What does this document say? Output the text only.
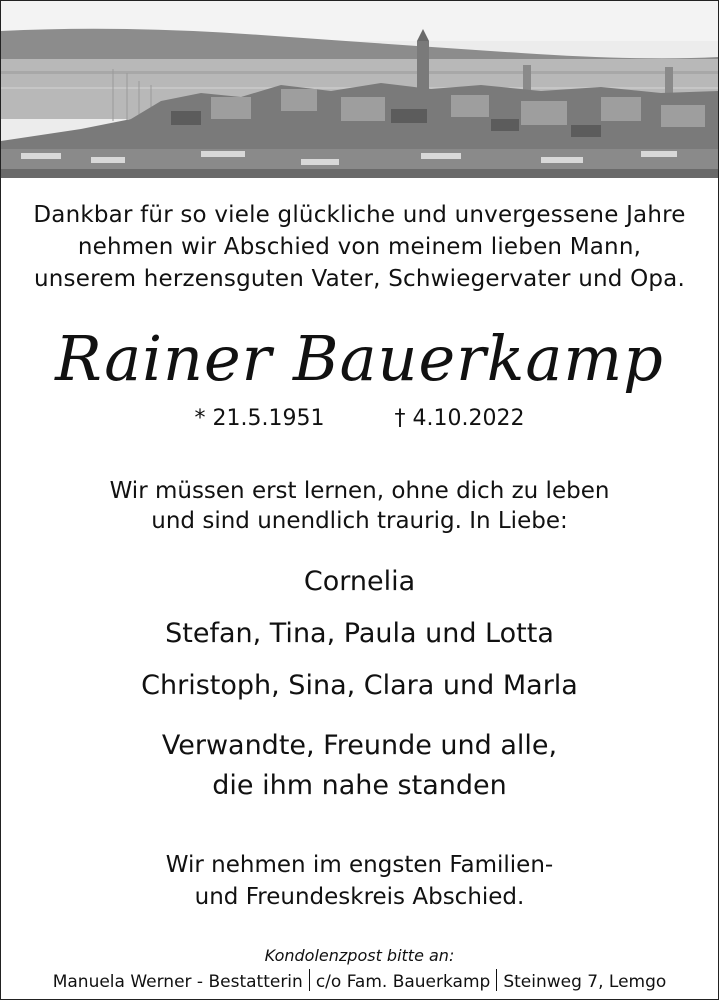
Dankbar für so viele glückliche und unvergessene Jahre
nehmen wir Abschied von meinem lieben Mann,
unserem herzensguten Vater, Schwiegervater und Opa.
Rainer Bauerkamp
* 21.5.1951	† 4.10.2022
Wir müssen erst lernen, ohne dich zu leben
und sind unendlich traurig. In Liebe:
Cornelia
Stefan, Tina, Paula und Lotta
Christoph, Sina, Clara und Marla
Verwandte, Freunde und alle,
die ihm nahe standen
Wir nehmen im engsten Familien-
und Freundeskreis Abschied.
Kondolenzpost bitte an:
Manuela Werner - Bestatterin c/o Fam. Bauerkamp Steinweg 7, Lemgo
